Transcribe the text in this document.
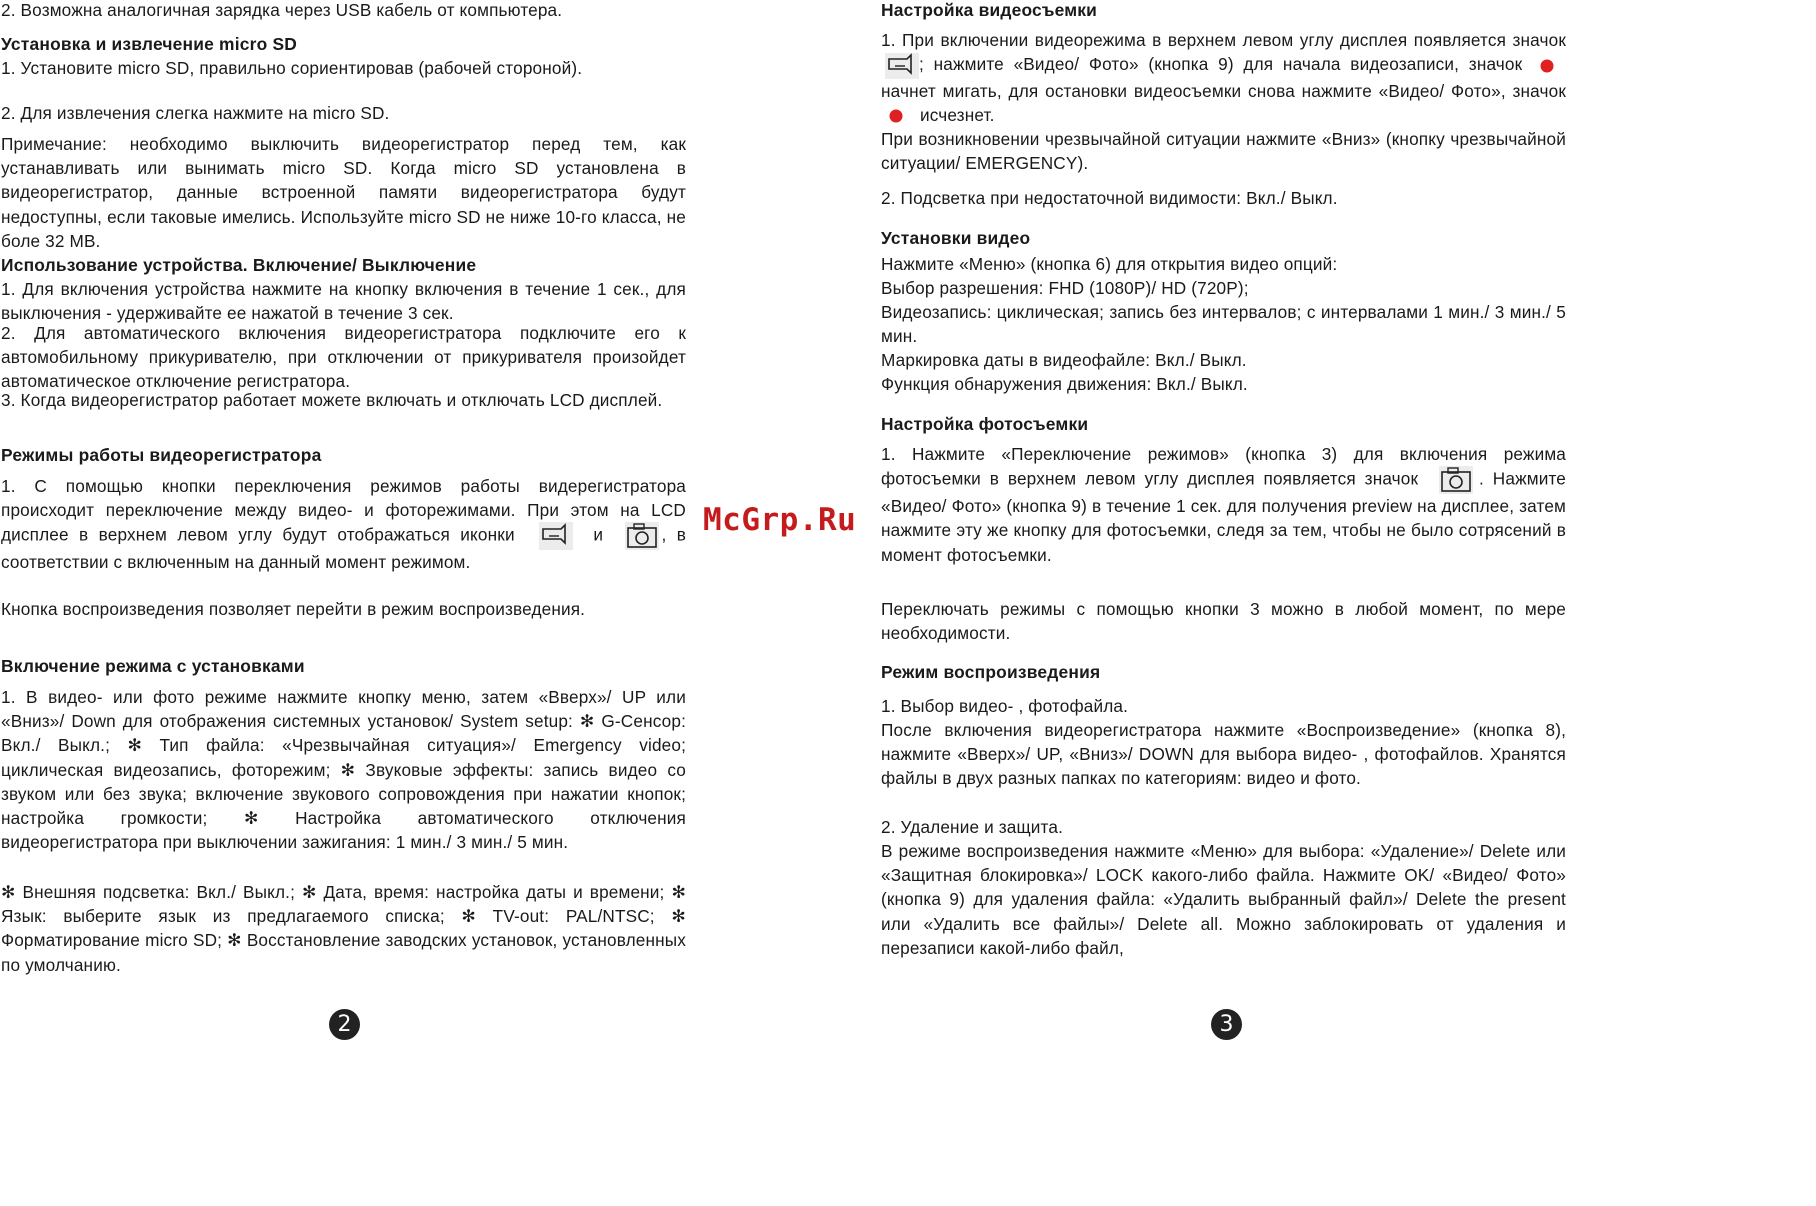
2. Возможна аналогичная зарядка через USB кабель от компьютера.

Установка и извлечение micro SD

1. Установите micro SD, правильно сориентировав (рабочей стороной).

2. Для извлечения слегка нажмите на micro SD.

Примечание: необходимо выключить видеорегистратор перед тем, как устанавливать или вынимать micro SD. Когда micro SD установлена в видеорегистратор, данные встроенной памяти видеорегистратора будут недоступны, если таковые имелись. Используйте micro SD не ниже 10-го класса, не боле 32 MB.

Использование устройства. Включение/ Выключение

1. Для включения устройства нажмите на кнопку включения в течение 1 сек., для выключения - удерживайте ее нажатой в течение 3 сек.

2. Для автоматического включения видеорегистратора подключите его к автомобильному прикуривателю, при отключении от прикуривателя произойдет автоматическое отключение регистратора.

3. Когда видеорегистратор работает можете включать и отключать LCD дисплей.

Режимы работы видеорегистратора

1. С помощью кнопки переключения режимов работы видерегистратора происходит переключение между видео- и фоторежимами. При этом на LCD дисплее в верхнем левом углу будут отображаться иконки	и	, в соответствии с включенным на данный момент режимом.

Кнопка воспроизведения позволяет перейти в режим воспроизведения.

Включение режима с установками

1. В видео- или фото режиме нажмите кнопку меню, затем «Вверх»/ UP или «Вниз»/ Down для отображения системных установок/ System setup: ✻ G-Сенсор: Вкл./ Выкл.; ✻ Тип файла: «Чрезвычайная ситуация»/ Emergency video; циклическая видеозапись, фоторежим; ✻ Звуковые эффекты: запись видео со звуком или без звука; включение звукового сопровождения при нажатии кнопок; настройка громкости; ✻ Настройка автоматического отключения видеорегистратора при выключении зажигания: 1 мин./ 3 мин./ 5 мин.

✻ Внешняя подсветка: Вкл./ Выкл.; ✻ Дата, время: настройка даты и времени; ✻ Язык: выберите язык из предлагаемого списка; ✻ TV-out: PAL/NTSC; ✻ Форматирование micro SD; ✻ Восстановление заводских установок, установленных по умолчанию.

McGrp.Ru
Настройка видеосъемки

1. При включении видеорежима в верхнем левом углу дисплея появляется значок
; нажмите «Видео/ Фото» (кнопка 9) для начала видеозаписи, значок
начнет мигать, для остановки видеосъемки снова нажмите «Видео/ Фото», значок
исчезнет.

При возникновении чрезвычайной ситуации нажмите «Вниз» (кнопку чрезвычайной ситуации/ EMERGENCY).

2. Подсветка при недостаточной видимости: Вкл./ Выкл.

Установки видео

Нажмите «Меню» (кнопка 6) для открытия видео опций:

Выбор разрешения: FHD (1080P)/ HD (720P);

Видеозапись: циклическая; запись без интервалов; с интервалами 1 мин./ 3 мин./ 5 мин.

Маркировка даты в видеофайле: Вкл./ Выкл.

Функция обнаружения движения: Вкл./ Выкл.

Настройка фотосъемки

1. Нажмите «Переключение режимов» (кнопка 3) для включения режима фотосъемки в верхнем левом углу дисплея появляется значок	. Нажмите «Видео/ Фото» (кнопка 9) в течение 1 сек. для получения preview на дисплее, затем нажмите эту же кнопку для фотосъемки, следя за тем, чтобы не было сотрясений в момент фотосъемки.

Переключать режимы с помощью кнопки 3 можно в любой момент, по мере необходимости.

Режим воспроизведения

1. Выбор видео- , фотофайла.

После включения видеорегистратора нажмите «Воспроизведение» (кнопка 8), нажмите «Вверх»/ UP, «Вниз»/ DOWN для выбора видео- , фотофайлов. Хранятся файлы в двух разных папках по категориям: видео и фото.

2. Удаление и защита.

В режиме воспроизведения нажмите «Меню» для выбора: «Удаление»/ Delete или «Защитная блокировка»/ LOCK какого-либо файла. Нажмите OK/ «Видео/ Фото» (кнопка 9) для удаления файла: «Удалить выбранный файл»/ Delete the present или «Удалить все файлы»/ Delete all. Можно заблокировать от удаления и перезаписи какой-либо файл,

2	3
